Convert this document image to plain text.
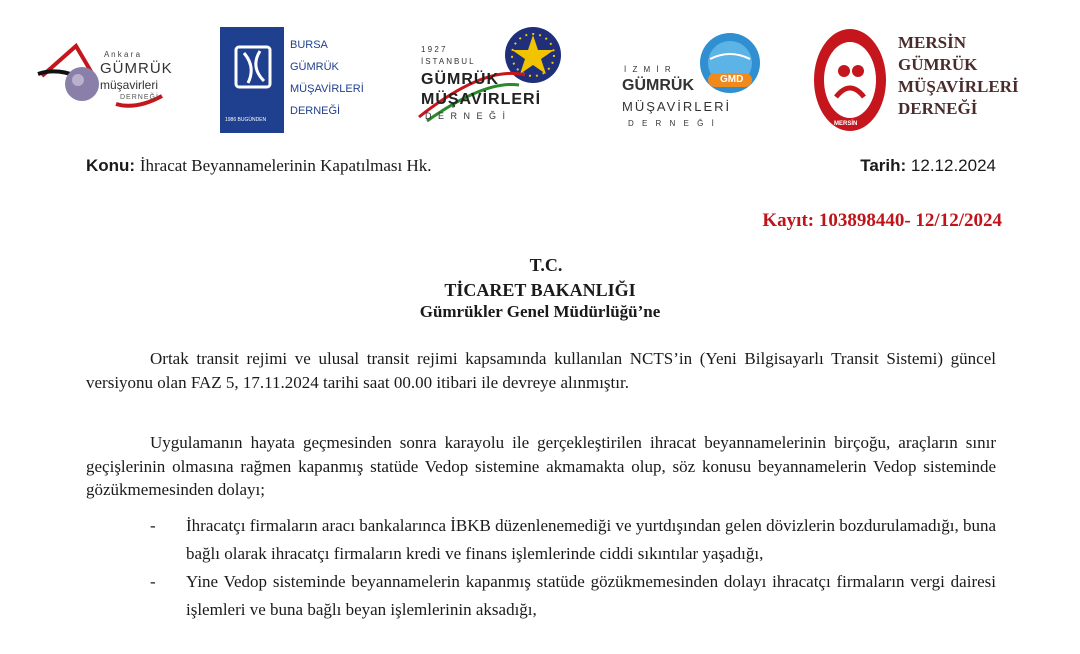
A n k a r a
GÜMRÜK
müşavirleri
DERNEĞİ
1986 BUGÜNDEN
BURSA
GÜMRÜK
MÜŞAVİRLERİ
DERNEĞİ
1 9 2 7
İSTANBUL
GÜMRÜK
MÜŞAVİRLERİ
D E R N E Ğ İ
GMD
İ Z M İ R
GÜMRÜK
MÜŞAVİRLERİ
D E R N E Ğ İ	MERSİN
MERSİN
GÜMRÜK
MÜŞAVİRLERİ
DERNEĞİ
Konu: İhracat Beyannamelerinin Kapatılması Hk.	Tarih: 12.12.2024
Kayıt: 103898440- 12/12/2024
T.C.
TİCARET BAKANLIĞI
Gümrükler Genel Müdürlüğü’ne
Ortak transit rejimi ve ulusal transit rejimi kapsamında kullanılan NCTS’in (Yeni Bilgisayarlı Transit Sistemi) güncel versiyonu olan FAZ 5, 17.11.2024 tarihi saat 00.00 itibari ile devreye alınmıştır.
Uygulamanın hayata geçmesinden sonra karayolu ile gerçekleştirilen ihracat beyannamelerinin birçoğu, araçların sınır geçişlerinin olmasına rağmen kapanmış statüde Vedop sistemine akmamakta olup, söz konusu beyannamelerin Vedop sisteminde gözükmemesinden dolayı;
- İhracatçı firmaların aracı bankalarınca İBKB düzenlenemediği ve yurtdışından gelen dövizlerin bozdurulamadığı, buna bağlı olarak ihracatçı firmaların kredi ve finans işlemlerinde ciddi sıkıntılar yaşadığı,
- Yine Vedop sisteminde beyannamelerin kapanmış statüde gözükmemesinden dolayı ihracatçı firmaların vergi dairesi işlemleri ve buna bağlı beyan işlemlerinin aksadığı,
